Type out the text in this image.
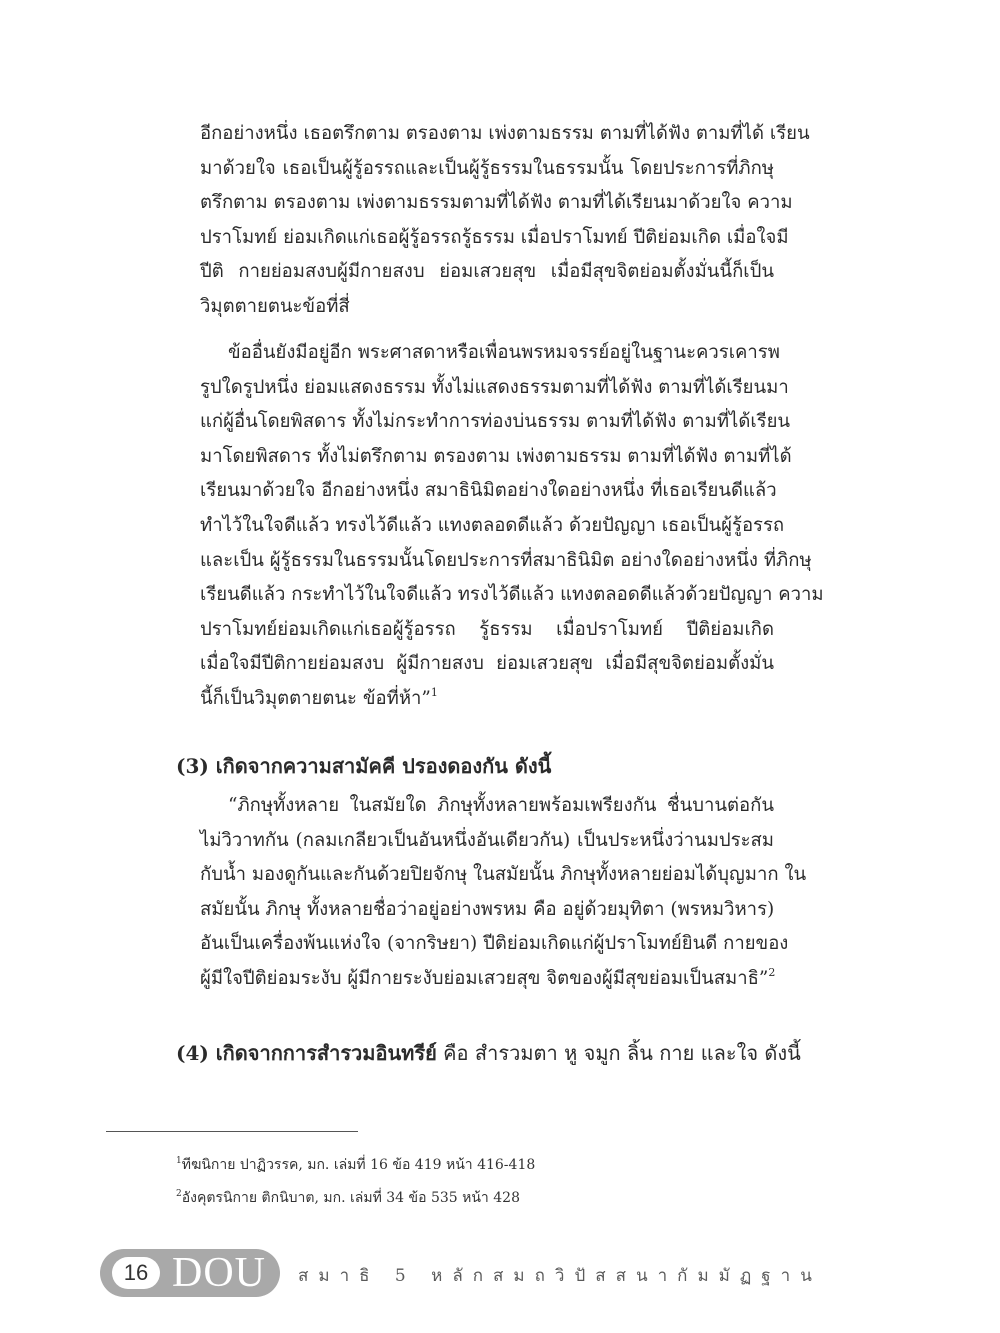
อีกอย่างหนึ่ง เธอตรึกตาม ตรองตาม เพ่งตามธรรม ตามที่ได้ฟัง ตามที่ได้ เรียน
มาด้วยใจ เธอเป็นผู้รู้อรรถและเป็นผู้รู้ธรรมในธรรมนั้น โดยประการที่ภิกษุ
ตรึกตาม ตรองตาม เพ่งตามธรรมตามที่ได้ฟัง ตามที่ได้เรียนมาด้วยใจ ความ
ปราโมทย์ ย่อมเกิดแก่เธอผู้รู้อรรถรู้ธรรม เมื่อปราโมทย์ ปีติย่อมเกิด เมื่อใจมี
ปีติ กายย่อมสงบผู้มีกายสงบ ย่อมเสวยสุข เมื่อมีสุขจิตย่อมตั้งมั่นนี้ก็เป็น
วิมุตตายตนะข้อที่สี่
ข้ออื่นยังมีอยู่อีก พระศาสดาหรือเพื่อนพรหมจรรย์อยู่ในฐานะควรเคารพ
รูปใดรูปหนึ่ง ย่อมแสดงธรรม ทั้งไม่แสดงธรรมตามที่ได้ฟัง ตามที่ได้เรียนมา
แก่ผู้อื่นโดยพิสดาร ทั้งไม่กระทำการท่องบ่นธรรม ตามที่ได้ฟัง ตามที่ได้เรียน
มาโดยพิสดาร ทั้งไม่ตรึกตาม ตรองตาม เพ่งตามธรรม ตามที่ได้ฟัง ตามที่ได้
เรียนมาด้วยใจ อีกอย่างหนึ่ง สมาธินิมิตอย่างใดอย่างหนึ่ง ที่เธอเรียนดีแล้ว
ทำไว้ในใจดีแล้ว ทรงไว้ดีแล้ว แทงตลอดดีแล้ว ด้วยปัญญา เธอเป็นผู้รู้อรรถ
และเป็น ผู้รู้ธรรมในธรรมนั้นโดยประการที่สมาธินิมิต อย่างใดอย่างหนึ่ง ที่ภิกษุ
เรียนดีแล้ว กระทำไว้ในใจดีแล้ว ทรงไว้ดีแล้ว แทงตลอดดีแล้วด้วยปัญญา ความ
ปราโมทย์ย่อมเกิดแก่เธอผู้รู้อรรถ รู้ธรรม เมื่อปราโมทย์ ปีติย่อมเกิด
เมื่อใจมีปีติกายย่อมสงบ ผู้มีกายสงบ ย่อมเสวยสุข เมื่อมีสุขจิตย่อมตั้งมั่น
นี้ก็เป็นวิมุตตายตนะ ข้อที่ห้า”$^1$
(3) เกิดจากความสามัคคี ปรองดองกัน ดังนี้
“ภิกษุทั้งหลาย ในสมัยใด ภิกษุทั้งหลายพร้อมเพรียงกัน ชื่นบานต่อกัน
ไม่วิวาทกัน (กลมเกลียวเป็นอันหนึ่งอันเดียวกัน) เป็นประหนึ่งว่านมประสม
กับน้ำ มองดูกันและกันด้วยปิยจักษุ ในสมัยนั้น ภิกษุทั้งหลายย่อมได้บุญมาก ใน
สมัยนั้น ภิกษุ ทั้งหลายชื่อว่าอยู่อย่างพรหม คือ อยู่ด้วยมุทิตา (พรหมวิหาร)
อันเป็นเครื่องพ้นแห่งใจ (จากริษยา) ปีติย่อมเกิดแก่ผู้ปราโมทย์ยินดี กายของ
ผู้มีใจปีติย่อมระงับ ผู้มีกายระงับย่อมเสวยสุข จิตของผู้มีสุขย่อมเป็นสมาธิ”$^2$
(4) เกิดจากการสำรวมอินทรีย์ คือ สำรวมตา หู จมูก ลิ้น กาย และใจ ดังนี้
$^1$ทีฆนิกาย ปาฏิวรรค, มก. เล่มที่ 16 ข้อ 419 หน้า 416-418
$^2$อังคุตรนิกาย ติกนิบาต, มก. เล่มที่ 34 ข้อ 535 หน้า 428
16 DOU สมาธิ 5 หลักสมถวิปัสสนากัมมัฏฐาน
